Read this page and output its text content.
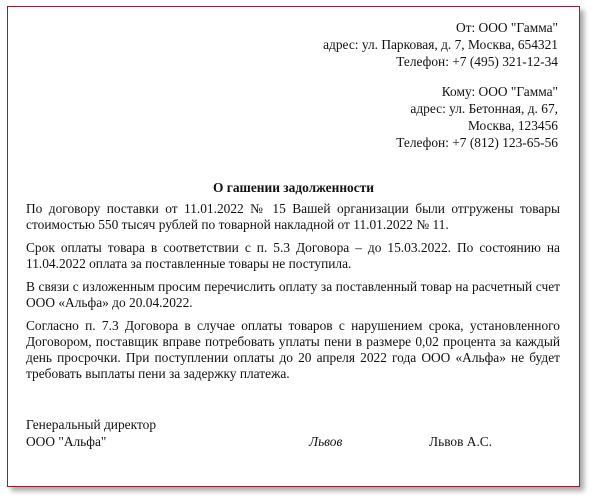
От: ООО "Гамма"
адрес: ул. Парковая, д. 7, Москва, 654321
Телефон: +7 (495) 321-12-34
Кому: ООО "Гамма"
адрес: ул. Бетонная, д. 67,
Москва, 123456
Телефон: +7 (812) 123-65-56
О гашении задолженности

По договору поставки от 11.01.2022 № 15 Вашей организации были отгружены товары стоимостью 550 тысяч рублей по товарной накладной от 11.01.2022 № 11.

Срок оплаты товара в соответствии с п. 5.3 Договора – до 15.03.2022. По состоянию на 11.04.2022 оплата за поставленные товары не поступила.

В связи с изложенным просим перечислить оплату за поставленный товар на расчетный счет ООО «Альфа» до 20.04.2022.

Согласно п. 7.3 Договора в случае оплаты товаров с нарушением срока, установленного Договором, поставщик вправе потребовать уплаты пени в размере 0,02 процента за каждый день просрочки. При поступлении оплаты до 20 апреля 2022 года ООО «Альфа» не будет требовать выплаты пени за задержку платежа.

Генеральный директор
ООО "Альфа"	Львов	Львов А.С.
